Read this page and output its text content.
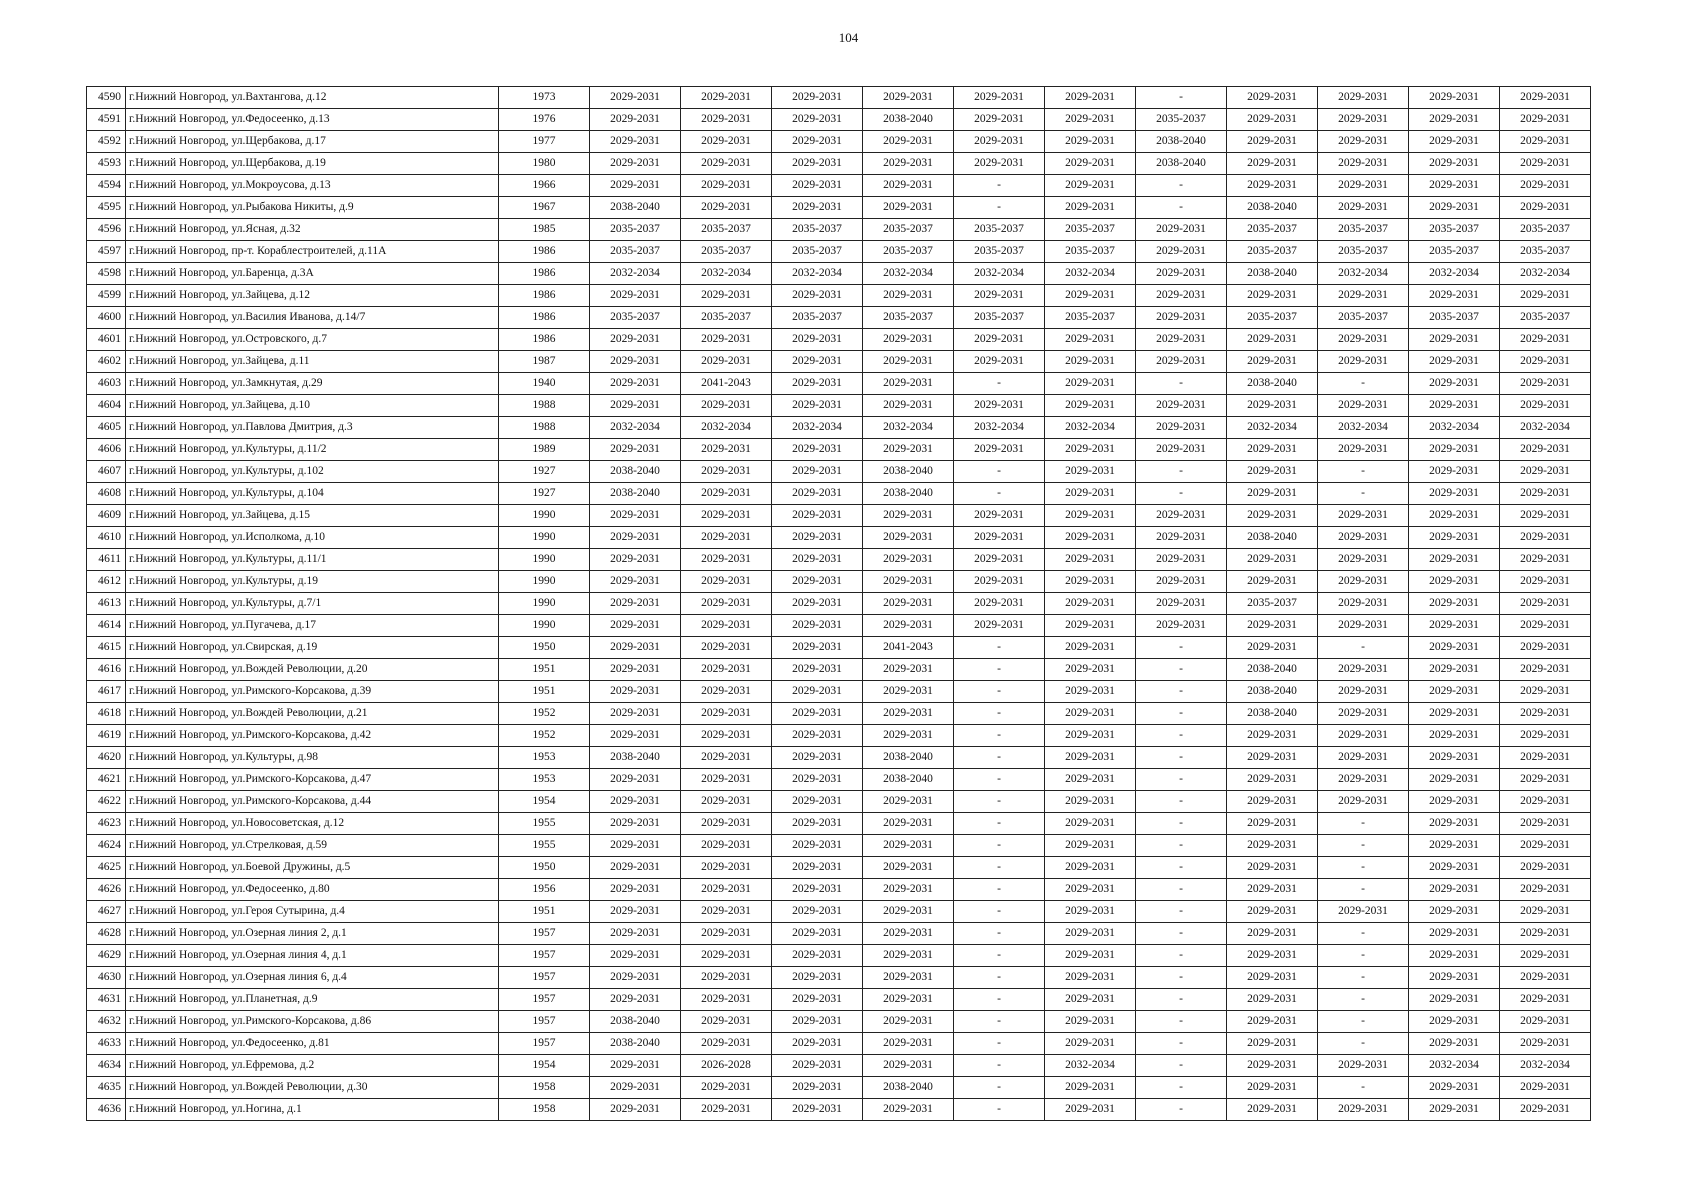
104
4590	г.Нижний Новгород, ул.Вахтангова, д.12	1973	2029-2031	2029-2031	2029-2031	2029-2031	2029-2031	2029-2031	-	2029-2031	2029-2031	2029-2031	2029-2031
4591	г.Нижний Новгород, ул.Федосеенко, д.13	1976	2029-2031	2029-2031	2029-2031	2038-2040	2029-2031	2029-2031	2035-2037	2029-2031	2029-2031	2029-2031	2029-2031
4592	г.Нижний Новгород, ул.Щербакова, д.17	1977	2029-2031	2029-2031	2029-2031	2029-2031	2029-2031	2029-2031	2038-2040	2029-2031	2029-2031	2029-2031	2029-2031
4593	г.Нижний Новгород, ул.Щербакова, д.19	1980	2029-2031	2029-2031	2029-2031	2029-2031	2029-2031	2029-2031	2038-2040	2029-2031	2029-2031	2029-2031	2029-2031
4594	г.Нижний Новгород, ул.Мокроусова, д.13	1966	2029-2031	2029-2031	2029-2031	2029-2031	-	2029-2031	-	2029-2031	2029-2031	2029-2031	2029-2031
4595	г.Нижний Новгород, ул.Рыбакова Никиты, д.9	1967	2038-2040	2029-2031	2029-2031	2029-2031	-	2029-2031	-	2038-2040	2029-2031	2029-2031	2029-2031
4596	г.Нижний Новгород, ул.Ясная, д.32	1985	2035-2037	2035-2037	2035-2037	2035-2037	2035-2037	2035-2037	2029-2031	2035-2037	2035-2037	2035-2037	2035-2037
4597	г.Нижний Новгород, пр-т. Кораблестроителей, д.11А	1986	2035-2037	2035-2037	2035-2037	2035-2037	2035-2037	2035-2037	2029-2031	2035-2037	2035-2037	2035-2037	2035-2037
4598	г.Нижний Новгород, ул.Баренца, д.3А	1986	2032-2034	2032-2034	2032-2034	2032-2034	2032-2034	2032-2034	2029-2031	2038-2040	2032-2034	2032-2034	2032-2034
4599	г.Нижний Новгород, ул.Зайцева, д.12	1986	2029-2031	2029-2031	2029-2031	2029-2031	2029-2031	2029-2031	2029-2031	2029-2031	2029-2031	2029-2031	2029-2031
4600	г.Нижний Новгород, ул.Василия Иванова, д.14/7	1986	2035-2037	2035-2037	2035-2037	2035-2037	2035-2037	2035-2037	2029-2031	2035-2037	2035-2037	2035-2037	2035-2037
4601	г.Нижний Новгород, ул.Островского, д.7	1986	2029-2031	2029-2031	2029-2031	2029-2031	2029-2031	2029-2031	2029-2031	2029-2031	2029-2031	2029-2031	2029-2031
4602	г.Нижний Новгород, ул.Зайцева, д.11	1987	2029-2031	2029-2031	2029-2031	2029-2031	2029-2031	2029-2031	2029-2031	2029-2031	2029-2031	2029-2031	2029-2031
4603	г.Нижний Новгород, ул.Замкнутая, д.29	1940	2029-2031	2041-2043	2029-2031	2029-2031	-	2029-2031	-	2038-2040	-	2029-2031	2029-2031
4604	г.Нижний Новгород, ул.Зайцева, д.10	1988	2029-2031	2029-2031	2029-2031	2029-2031	2029-2031	2029-2031	2029-2031	2029-2031	2029-2031	2029-2031	2029-2031
4605	г.Нижний Новгород, ул.Павлова Дмитрия, д.3	1988	2032-2034	2032-2034	2032-2034	2032-2034	2032-2034	2032-2034	2029-2031	2032-2034	2032-2034	2032-2034	2032-2034
4606	г.Нижний Новгород, ул.Культуры, д.11/2	1989	2029-2031	2029-2031	2029-2031	2029-2031	2029-2031	2029-2031	2029-2031	2029-2031	2029-2031	2029-2031	2029-2031
4607	г.Нижний Новгород, ул.Культуры, д.102	1927	2038-2040	2029-2031	2029-2031	2038-2040	-	2029-2031	-	2029-2031	-	2029-2031	2029-2031
4608	г.Нижний Новгород, ул.Культуры, д.104	1927	2038-2040	2029-2031	2029-2031	2038-2040	-	2029-2031	-	2029-2031	-	2029-2031	2029-2031
4609	г.Нижний Новгород, ул.Зайцева, д.15	1990	2029-2031	2029-2031	2029-2031	2029-2031	2029-2031	2029-2031	2029-2031	2029-2031	2029-2031	2029-2031	2029-2031
4610	г.Нижний Новгород, ул.Исполкома, д.10	1990	2029-2031	2029-2031	2029-2031	2029-2031	2029-2031	2029-2031	2029-2031	2038-2040	2029-2031	2029-2031	2029-2031
4611	г.Нижний Новгород, ул.Культуры, д.11/1	1990	2029-2031	2029-2031	2029-2031	2029-2031	2029-2031	2029-2031	2029-2031	2029-2031	2029-2031	2029-2031	2029-2031
4612	г.Нижний Новгород, ул.Культуры, д.19	1990	2029-2031	2029-2031	2029-2031	2029-2031	2029-2031	2029-2031	2029-2031	2029-2031	2029-2031	2029-2031	2029-2031
4613	г.Нижний Новгород, ул.Культуры, д.7/1	1990	2029-2031	2029-2031	2029-2031	2029-2031	2029-2031	2029-2031	2029-2031	2035-2037	2029-2031	2029-2031	2029-2031
4614	г.Нижний Новгород, ул.Пугачева, д.17	1990	2029-2031	2029-2031	2029-2031	2029-2031	2029-2031	2029-2031	2029-2031	2029-2031	2029-2031	2029-2031	2029-2031
4615	г.Нижний Новгород, ул.Свирская, д.19	1950	2029-2031	2029-2031	2029-2031	2041-2043	-	2029-2031	-	2029-2031	-	2029-2031	2029-2031
4616	г.Нижний Новгород, ул.Вождей Революции, д.20	1951	2029-2031	2029-2031	2029-2031	2029-2031	-	2029-2031	-	2038-2040	2029-2031	2029-2031	2029-2031
4617	г.Нижний Новгород, ул.Римского-Корсакова, д.39	1951	2029-2031	2029-2031	2029-2031	2029-2031	-	2029-2031	-	2038-2040	2029-2031	2029-2031	2029-2031
4618	г.Нижний Новгород, ул.Вождей Революции, д.21	1952	2029-2031	2029-2031	2029-2031	2029-2031	-	2029-2031	-	2038-2040	2029-2031	2029-2031	2029-2031
4619	г.Нижний Новгород, ул.Римского-Корсакова, д.42	1952	2029-2031	2029-2031	2029-2031	2029-2031	-	2029-2031	-	2029-2031	2029-2031	2029-2031	2029-2031
4620	г.Нижний Новгород, ул.Культуры, д.98	1953	2038-2040	2029-2031	2029-2031	2038-2040	-	2029-2031	-	2029-2031	2029-2031	2029-2031	2029-2031
4621	г.Нижний Новгород, ул.Римского-Корсакова, д.47	1953	2029-2031	2029-2031	2029-2031	2038-2040	-	2029-2031	-	2029-2031	2029-2031	2029-2031	2029-2031
4622	г.Нижний Новгород, ул.Римского-Корсакова, д.44	1954	2029-2031	2029-2031	2029-2031	2029-2031	-	2029-2031	-	2029-2031	2029-2031	2029-2031	2029-2031
4623	г.Нижний Новгород, ул.Новосоветская, д.12	1955	2029-2031	2029-2031	2029-2031	2029-2031	-	2029-2031	-	2029-2031	-	2029-2031	2029-2031
4624	г.Нижний Новгород, ул.Стрелковая, д.59	1955	2029-2031	2029-2031	2029-2031	2029-2031	-	2029-2031	-	2029-2031	-	2029-2031	2029-2031
4625	г.Нижний Новгород, ул.Боевой Дружины, д.5	1950	2029-2031	2029-2031	2029-2031	2029-2031	-	2029-2031	-	2029-2031	-	2029-2031	2029-2031
4626	г.Нижний Новгород, ул.Федосеенко, д.80	1956	2029-2031	2029-2031	2029-2031	2029-2031	-	2029-2031	-	2029-2031	-	2029-2031	2029-2031
4627	г.Нижний Новгород, ул.Героя Сутырина, д.4	1951	2029-2031	2029-2031	2029-2031	2029-2031	-	2029-2031	-	2029-2031	2029-2031	2029-2031	2029-2031
4628	г.Нижний Новгород, ул.Озерная линия 2, д.1	1957	2029-2031	2029-2031	2029-2031	2029-2031	-	2029-2031	-	2029-2031	-	2029-2031	2029-2031
4629	г.Нижний Новгород, ул.Озерная линия 4, д.1	1957	2029-2031	2029-2031	2029-2031	2029-2031	-	2029-2031	-	2029-2031	-	2029-2031	2029-2031
4630	г.Нижний Новгород, ул.Озерная линия 6, д.4	1957	2029-2031	2029-2031	2029-2031	2029-2031	-	2029-2031	-	2029-2031	-	2029-2031	2029-2031
4631	г.Нижний Новгород, ул.Планетная, д.9	1957	2029-2031	2029-2031	2029-2031	2029-2031	-	2029-2031	-	2029-2031	-	2029-2031	2029-2031
4632	г.Нижний Новгород, ул.Римского-Корсакова, д.86	1957	2038-2040	2029-2031	2029-2031	2029-2031	-	2029-2031	-	2029-2031	-	2029-2031	2029-2031
4633	г.Нижний Новгород, ул.Федосеенко, д.81	1957	2038-2040	2029-2031	2029-2031	2029-2031	-	2029-2031	-	2029-2031	-	2029-2031	2029-2031
4634	г.Нижний Новгород, ул.Ефремова, д.2	1954	2029-2031	2026-2028	2029-2031	2029-2031	-	2032-2034	-	2029-2031	2029-2031	2032-2034	2032-2034
4635	г.Нижний Новгород, ул.Вождей Революции, д.30	1958	2029-2031	2029-2031	2029-2031	2038-2040	-	2029-2031	-	2029-2031	-	2029-2031	2029-2031
4636	г.Нижний Новгород, ул.Ногина, д.1	1958	2029-2031	2029-2031	2029-2031	2029-2031	-	2029-2031	-	2029-2031	2029-2031	2029-2031	2029-2031
